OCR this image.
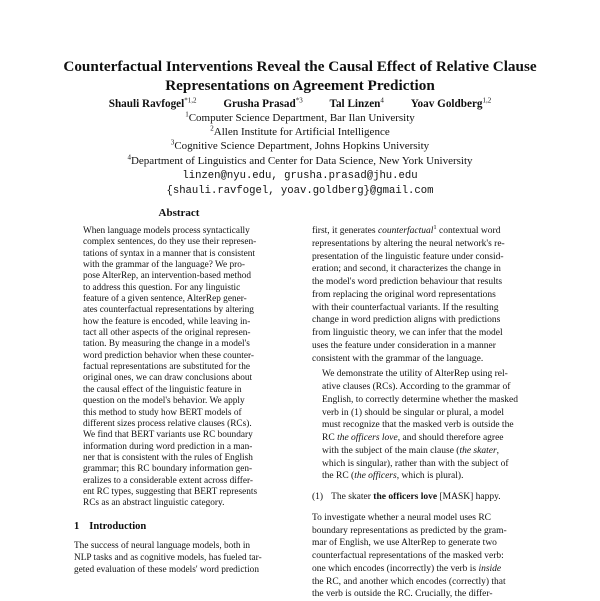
Counterfactual Interventions Reveal the Causal Effect of Relative Clause
Representations on Agreement Prediction
Shauli Ravfogel$^{*1,2}$ Grusha Prasad$^{*3}$ Tal Linzen$^4$ Yoav Goldberg$^{1,2}$
$^1$Computer Science Department, Bar Ilan University
$^2$Allen Institute for Artificial Intelligence
$^3$Cognitive Science Department, Johns Hopkins University
$^4$Department of Linguistics and Center for Data Science, New York University
linzen@nyu.edu, grusha.prasad@jhu.edu
{shauli.ravfogel, yoav.goldberg}@gmail.com
Abstract
When language models process syntactically
complex sentences, do they use their represen-
tations of syntax in a manner that is consistent
with the grammar of the language? We pro-
pose AlterRep, an intervention-based method
to address this question. For any linguistic
feature of a given sentence, AlterRep gener-
ates counterfactual representations by altering
how the feature is encoded, while leaving in-
tact all other aspects of the original represen-
tation. By measuring the change in a model's
word prediction behavior when these counter-
factual representations are substituted for the
original ones, we can draw conclusions about
the causal effect of the linguistic feature in
question on the model's behavior. We apply
this method to study how BERT models of
different sizes process relative clauses (RCs).
We find that BERT variants use RC boundary
information during word prediction in a man-
ner that is consistent with the rules of English
grammar; this RC boundary information gen-
eralizes to a considerable extent across differ-
ent RC types, suggesting that BERT represents
RCs as an abstract linguistic category.
1 Introduction
The success of neural language models, both in
NLP tasks and as cognitive models, has fueled tar-
geted evaluation of these models' word prediction
first, it generates counterfactual$^1$ contextual word
representations by altering the neural network's re-
presentation of the linguistic feature under consid-
eration; and second, it characterizes the change in
the model's word prediction behaviour that results
from replacing the original word representations
with their counterfactual variants. If the resulting
change in word prediction aligns with predictions
from linguistic theory, we can infer that the model
uses the feature under consideration in a manner
consistent with the grammar of the language.
We demonstrate the utility of AlterRep using rel-
ative clauses (RCs). According to the grammar of
English, to correctly determine whether the masked
verb in (1) should be singular or plural, a model
must recognize that the masked verb is outside the
RC the officers love, and should therefore agree
with the subject of the main clause (the skater,
which is singular), rather than with the subject of
the RC (the officers, which is plural).
(1) The skater the officers love [MASK] happy.
To investigate whether a neural model uses RC
boundary representations as predicted by the gram-
mar of English, we use AlterRep to generate two
counterfactual representations of the masked verb:
one which encodes (incorrectly) the verb is inside
the RC, and another which encodes (correctly) that
the verb is outside the RC. Crucially, the differ-
